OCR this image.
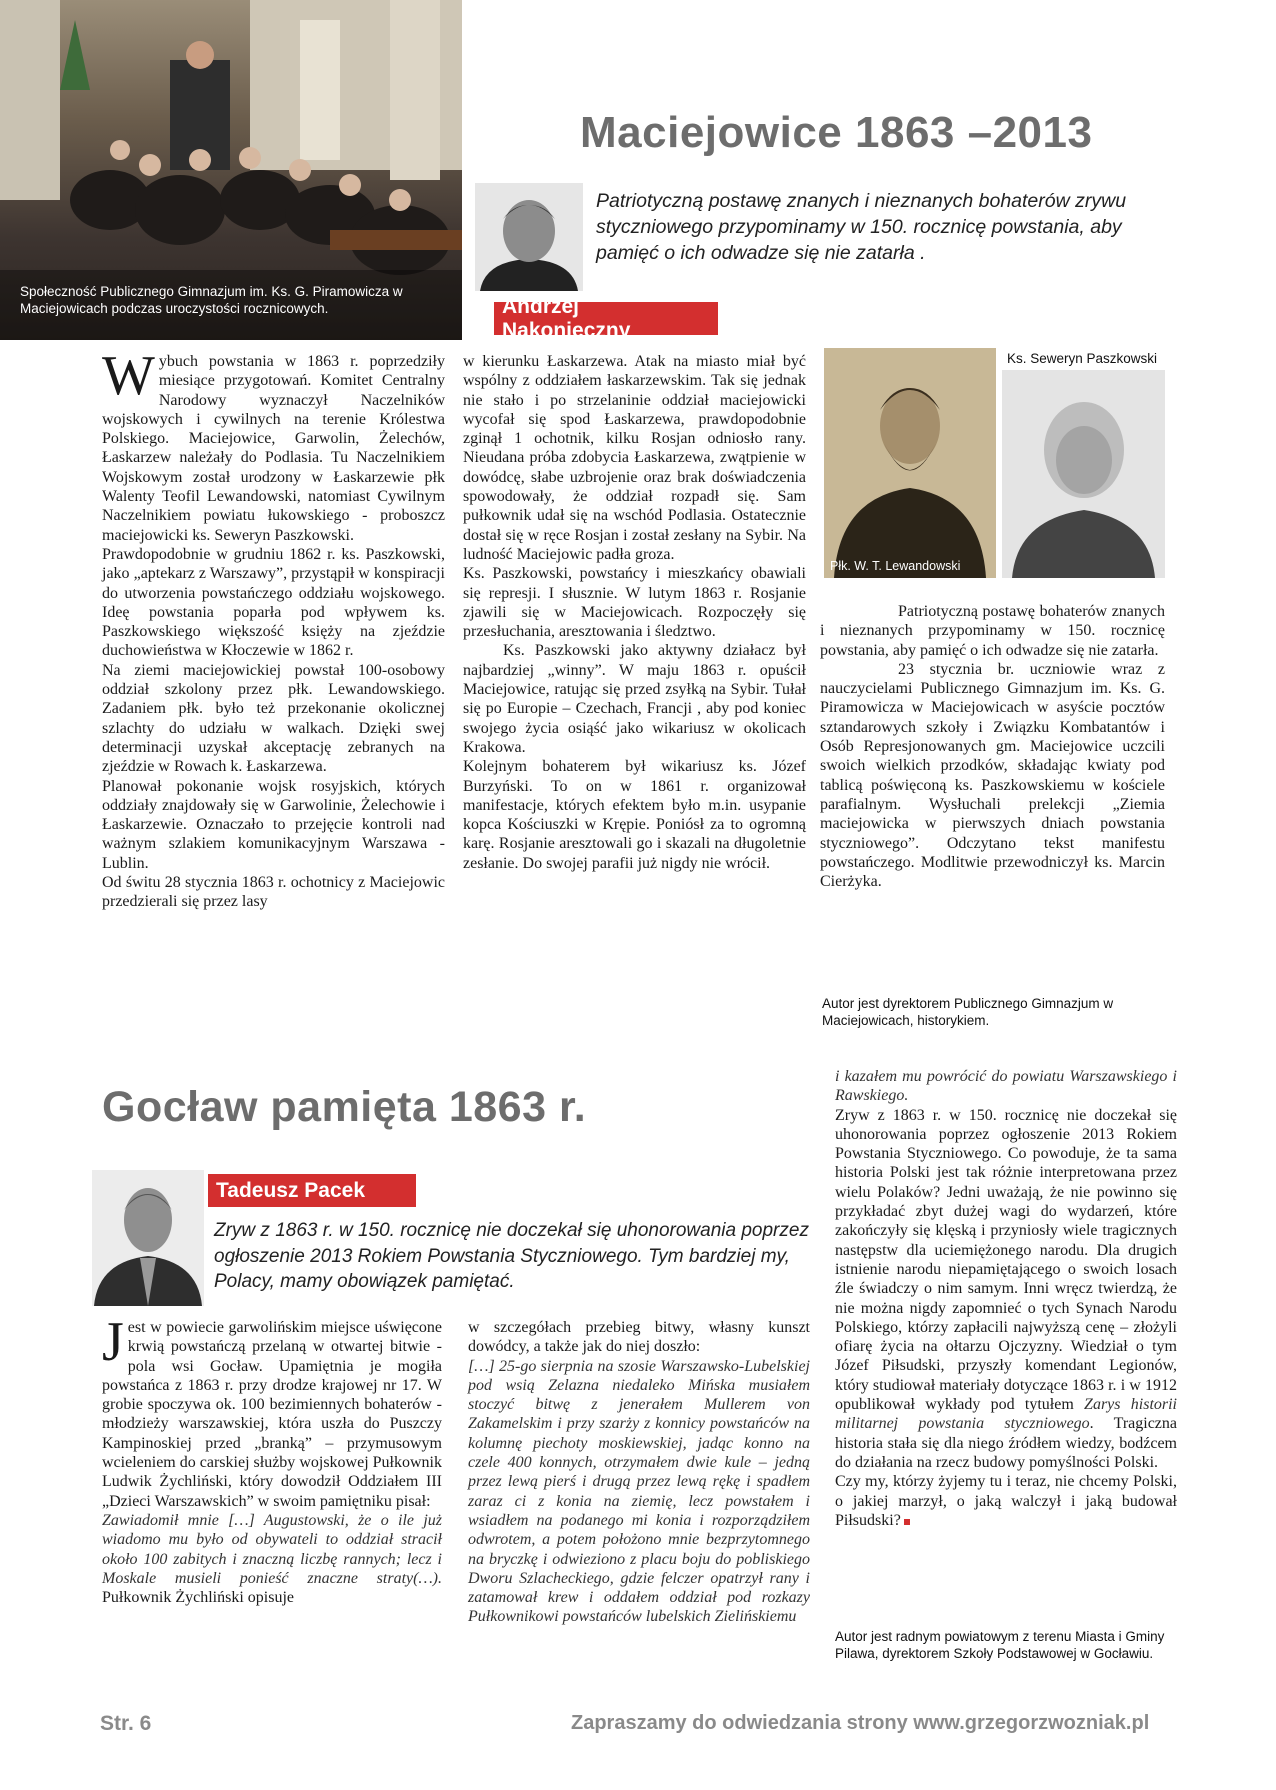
Społeczność Publicznego Gimnazjum im. Ks. G. Piramowicza w Maciejowicach podczas uroczystości rocznicowych.
Maciejowice 1863 –2013
Patriotyczną postawę znanych i nieznanych bohaterów zrywu styczniowego przypominamy w 150. rocznicę powstania, aby pamięć o ich odwadze się nie zatarła .
Andrzej Nakonieczny

Wybuch powstania w 1863 r. poprzedziły miesiące przygotowań. Komitet Centralny Narodowy wyznaczył Naczelników wojskowych i cywilnych na terenie Królestwa Polskiego. Maciejowice, Garwolin, Żelechów, Łaskarzew należały do Podlasia. Tu Naczelnikiem Wojskowym został urodzony w Łaskarzewie płk Walenty Teofil Lewandowski, natomiast Cywilnym Naczelnikiem powiatu łukowskiego - proboszcz maciejowicki ks. Seweryn Paszkowski.

Prawdopodobnie w grudniu 1862 r. ks. Paszkowski, jako „aptekarz z Warszawy”, przystąpił w konspiracji do utworzenia powstańczego oddziału wojskowego. Ideę powstania poparła pod wpływem ks. Paszkowskiego większość księży na zjeździe duchowieństwa w Kłoczewie w 1862 r.

Na ziemi maciejowickiej powstał 100-osobowy oddział szkolony przez płk. Lewandowskiego. Zadaniem płk. było też przekonanie okolicznej szlachty do udziału w walkach. Dzięki swej determinacji uzyskał akceptację zebranych na zjeździe w Rowach k. Łaskarzewa.

Planował pokonanie wojsk rosyjskich, których oddziały znajdowały się w Garwolinie, Żelechowie i Łaskarzewie. Oznaczało to przejęcie kontroli nad ważnym szlakiem komunikacyjnym Warszawa -Lublin.

Od świtu 28 stycznia 1863 r. ochotnicy z Maciejowic przedzierali się przez lasy

w kierunku Łaskarzewa. Atak na miasto miał być wspólny z oddziałem łaskarzewskim. Tak się jednak nie stało i po strzelaninie oddział maciejowicki wycofał się spod Łaskarzewa, prawdopodobnie zginął 1 ochotnik, kilku Rosjan odniosło rany. Nieudana próba zdobycia Łaskarzewa, zwątpienie w dowódcę, słabe uzbrojenie oraz brak doświadczenia spowodowały, że oddział rozpadł się. Sam pułkownik udał się na wschód Podlasia. Ostatecznie dostał się w ręce Rosjan i został zesłany na Sybir. Na ludność Maciejowic padła groza.

Ks. Paszkowski, powstańcy i mieszkańcy obawiali się represji. I słusznie. W lutym 1863 r. Rosjanie zjawili się w Maciejowicach. Rozpoczęły się przesłuchania, aresztowania i śledztwo.

Ks. Paszkowski jako aktywny działacz był najbardziej „winny”. W maju 1863 r. opuścił Maciejowice, ratując się przed zsyłką na Sybir. Tułał się po Europie – Czechach, Francji , aby pod koniec swojego życia osiąść jako wikariusz w okolicach Krakowa.

Kolejnym bohaterem był wikariusz ks. Józef Burzyński. To on w 1861 r. organizował manifestacje, których efektem było m.in. usypanie kopca Kościuszki w Krępie. Poniósł za to ogromną karę. Rosjanie aresztowali go i skazali na długoletnie zesłanie. Do swojej parafii już nigdy nie wrócił.

Płk. W. T. Lewandowski
Ks. Seweryn Paszkowski

Patriotyczną postawę bohaterów znanych i nieznanych przypominamy w 150. rocznicę powstania, aby pamięć o ich odwadze się nie zatarła.

23 stycznia br. uczniowie wraz z nauczycielami Publicznego Gimnazjum im. Ks. G. Piramowicza w Maciejowicach w asyście pocztów sztandarowych szkoły i Związku Kombatantów i Osób Represjonowanych gm. Maciejowice uczcili swoich wielkich przodków, składając kwiaty pod tablicą poświęconą ks. Paszkowskiemu w kościele parafialnym. Wysłuchali prelekcji „Ziemia maciejowicka w pierwszych dniach powstania styczniowego”. Odczytano tekst manifestu powstańczego. Modlitwie przewodniczył ks. Marcin Cierżyka.

Autor jest dyrektorem Publicznego Gimnazjum w Maciejowicach, historykiem.
Gocław pamięta 1863 r.
Tadeusz Pacek
Zryw z 1863 r. w 150. rocznicę nie doczekał się uhonorowania poprzez ogłoszenie 2013 Rokiem Powstania Styczniowego. Tym bardziej my, Polacy, mamy obowiązek pamiętać.

Jest w powiecie garwolińskim miejsce uświęcone krwią powstańczą przelaną w otwartej bitwie - pola wsi Gocław. Upamiętnia je mogiła powstańca z 1863 r. przy drodze krajowej nr 17. W grobie spoczywa ok. 100 bezimiennych bohaterów - młodzieży warszawskiej, która uszła do Puszczy Kampinoskiej przed „branką” – przymusowym wcieleniem do carskiej służby wojskowej Pułkownik Ludwik Żychliński, który dowodził Oddziałem III „Dzieci Warszawskich” w swoim pamiętniku pisał:

Zawiadomił mnie […] Augustowski, że o ile już wiadomo mu było od obywateli to oddział stracił około 100 zabitych i znaczną liczbę rannych; lecz i Moskale musieli ponieść znaczne straty(…). Pułkownik Żychliński opisuje

w szczegółach przebieg bitwy, własny kunszt dowódcy, a także jak do niej doszło:

[…] 25-go sierpnia na szosie Warszawsko-Lubelskiej pod wsią Zelazna niedaleko Mińska musiałem stoczyć bitwę z jenerałem Mullerem von Zakamelskim i przy szarży z konnicy powstańców na kolumnę piechoty moskiewskiej, jadąc konno na czele 400 konnych, otrzymałem dwie kule – jedną przez lewą pierś i drugą przez lewą rękę i spadłem zaraz ci z konia na ziemię, lecz powstałem i wsiadłem na podanego mi konia i rozporządziłem odwrotem, a potem położono mnie bezprzytomnego na bryczkę i odwieziono z placu boju do pobliskiego Dworu Szlacheckiego, gdzie felczer opatrzył rany i zatamował krew i oddałem oddział pod rozkazy Pułkownikowi powstańców lubelskich Zielińskiemu

i kazałem mu powrócić do powiatu Warszawskiego i Rawskiego.

Zryw z 1863 r. w 150. rocznicę nie doczekał się uhonorowania poprzez ogłoszenie 2013 Rokiem Powstania Styczniowego. Co powoduje, że ta sama historia Polski jest tak różnie interpretowana przez wielu Polaków? Jedni uważają, że nie powinno się przykładać zbyt dużej wagi do wydarzeń, które zakończyły się klęską i przyniosły wiele tragicznych następstw dla uciemiężonego narodu. Dla drugich istnienie narodu niepamiętającego o swoich losach źle świadczy o nim samym. Inni wręcz twierdzą, że nie można nigdy zapomnieć o tych Synach Narodu Polskiego, którzy zapłacili najwyższą cenę – złożyli ofiarę życia na ołtarzu Ojczyzny. Wiedział o tym Józef Piłsudski, przyszły komendant Legionów, który studiował materiały dotyczące 1863 r. i w 1912 opublikował wykłady pod tytułem Zarys historii militarnej powstania styczniowego. Tragiczna historia stała się dla niego źródłem wiedzy, bodźcem do działania na rzecz budowy pomyślności Polski.

Czy my, którzy żyjemy tu i teraz, nie chcemy Polski, o jakiej marzył, o jaką walczył i jaką budował Piłsudski?

Autor jest radnym powiatowym z terenu Miasta i Gminy Pilawa, dyrektorem Szkoły Podstawowej w Gocławiu.
Str. 6	Zapraszamy do odwiedzania strony www.grzegorzwozniak.pl
